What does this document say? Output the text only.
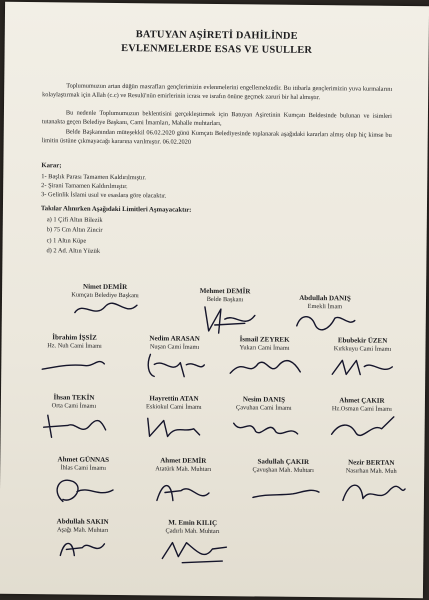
BATUYAN AŞİRETİ DAHİLİNDE
EVLENMELERDE ESAS VE USULLER
Toplumumuzun artan düğün masrafları gençlerimizin evlenmelerini engellemektedir. Bu itibarla gençlerimizin yuva kurmalarını kolaylaştırmak için Allah (c.c) ve Resulü'nün emirlerinin icrası ve israfın önüne geçmek zaruri bir hal almıştır.
Bu nedenle Toplumumuzun beklentisini gerçekleştirmek için Batuyan Aşiretinin Kumçatı Beldesinde bulunan ve isimleri tutanakta geçen Belediye Başkanı, Cami İmamları, Mahalle muhtarları,
Belde Başkanından müteşekkil 06.02.2020 günü Kumçatı Belediyesinde toplanarak aşağıdaki kararları almış olup hiç kimse bu limitin üstüne çıkmayacağı kararına varılmıştır. 06.02.2020
Karar;
1- Başlık Parası Tamamen Kaldırılmıştır.
2- Şirani Tamamen Kaldırılmıştır.
3- Gelinlik İslami usul ve esaslara göre olacaktır.
Takılar Alınırken Aşağıdaki Limitleri Aşmayacaktır:
a) 1 Çifi Altın Bilezik
b) 75 Cm Altın Zincir
c) 1 Altın Küpe
d) 2 Ad. Altın Yüzük
Nimet DEMİR
Kumçatı Belediye Başkanı	Mehmet DEMİR
Belde Başkanı	Abdullah DANIŞ
Emekli İmam
İbrahim İŞSİZ
Hz. Nuh Cami İmamı
Nedim ARASAN
Nuşan Cami İmamı
İsmail ZEYREK
Yukarı Cami İmamı
Ebubekir ÜZEN
Kırkkuyu Cami İmamı
İhsan TEKİN
Orta Cami İmamı
Hayrettin ATAN
Eskiokul Cami İmamı
Nesim DANIŞ
Çavuhan Cami İmamı
Ahmet ÇAKIR
Hz.Osman Cami İmamı
Ahmet GÜNNAS
İhlas Cami İmamı
Ahmet DEMİR
Atatürk Mah. Muhtarı
Sadullah ÇAKIR
Çavuşhan Mah. Muhtarı
Nezir BERTAN
Nasırhan Mah. Muh
Abdullah SAKIN
Aşağı Mah. Muhtarı
M. Emin KILIÇ
Çadırlı Mah. Muhtarı
